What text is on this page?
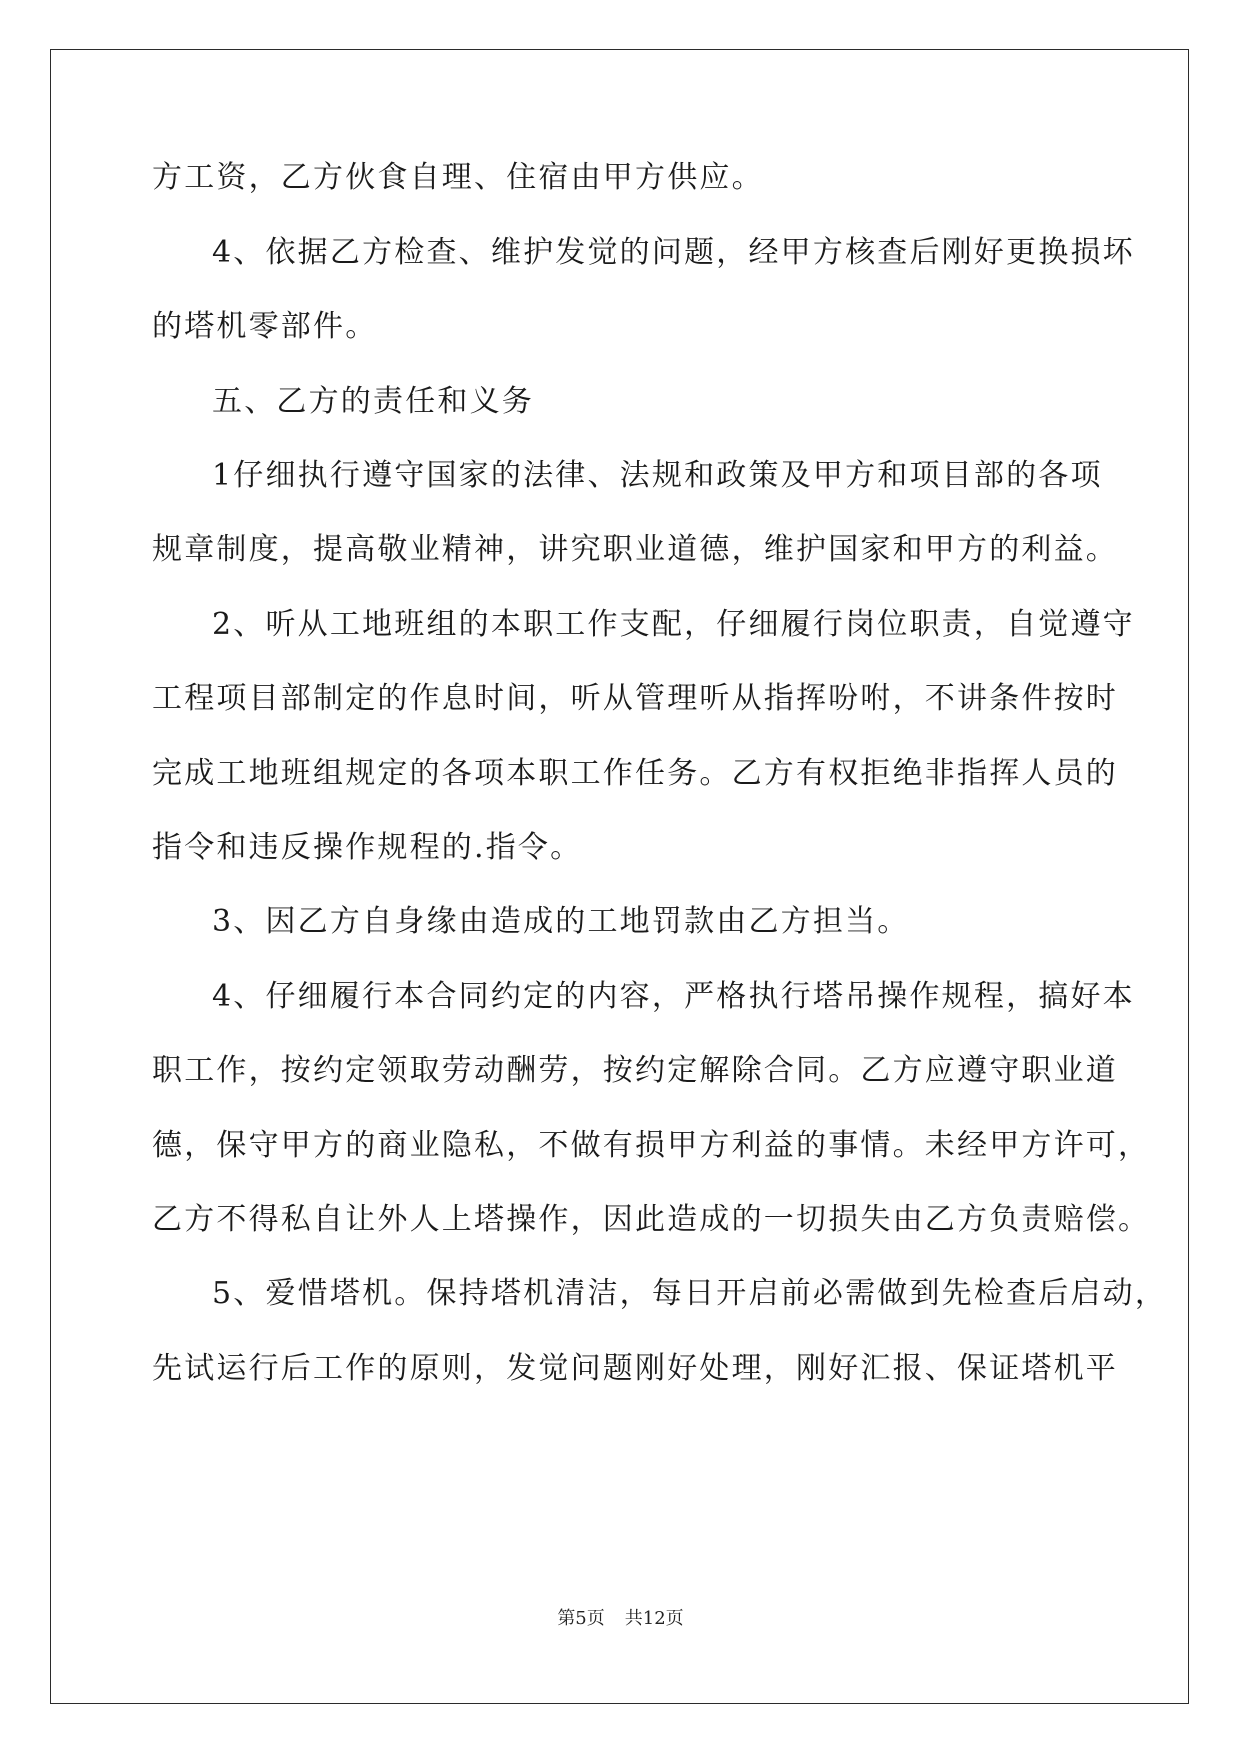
方工资，乙方伙食自理、住宿由甲方供应。
4、依据乙方检查、维护发觉的问题，经甲方核查后刚好更换损坏
的塔机零部件。
五、乙方的责任和义务
1仔细执行遵守国家的法律、法规和政策及甲方和项目部的各项
规章制度，提高敬业精神，讲究职业道德，维护国家和甲方的利益。
2、听从工地班组的本职工作支配，仔细履行岗位职责，自觉遵守
工程项目部制定的作息时间，听从管理听从指挥吩咐，不讲条件按时
完成工地班组规定的各项本职工作任务。乙方有权拒绝非指挥人员的
指令和违反操作规程的.指令。
3、因乙方自身缘由造成的工地罚款由乙方担当。
4、仔细履行本合同约定的内容，严格执行塔吊操作规程，搞好本
职工作，按约定领取劳动酬劳，按约定解除合同。乙方应遵守职业道
德，保守甲方的商业隐私，不做有损甲方利益的事情。未经甲方许可，
乙方不得私自让外人上塔操作，因此造成的一切损失由乙方负责赔偿。
5、爱惜塔机。保持塔机清洁，每日开启前必需做到先检查后启动，
先试运行后工作的原则，发觉问题刚好处理，刚好汇报、保证塔机平
第5页 共12页
